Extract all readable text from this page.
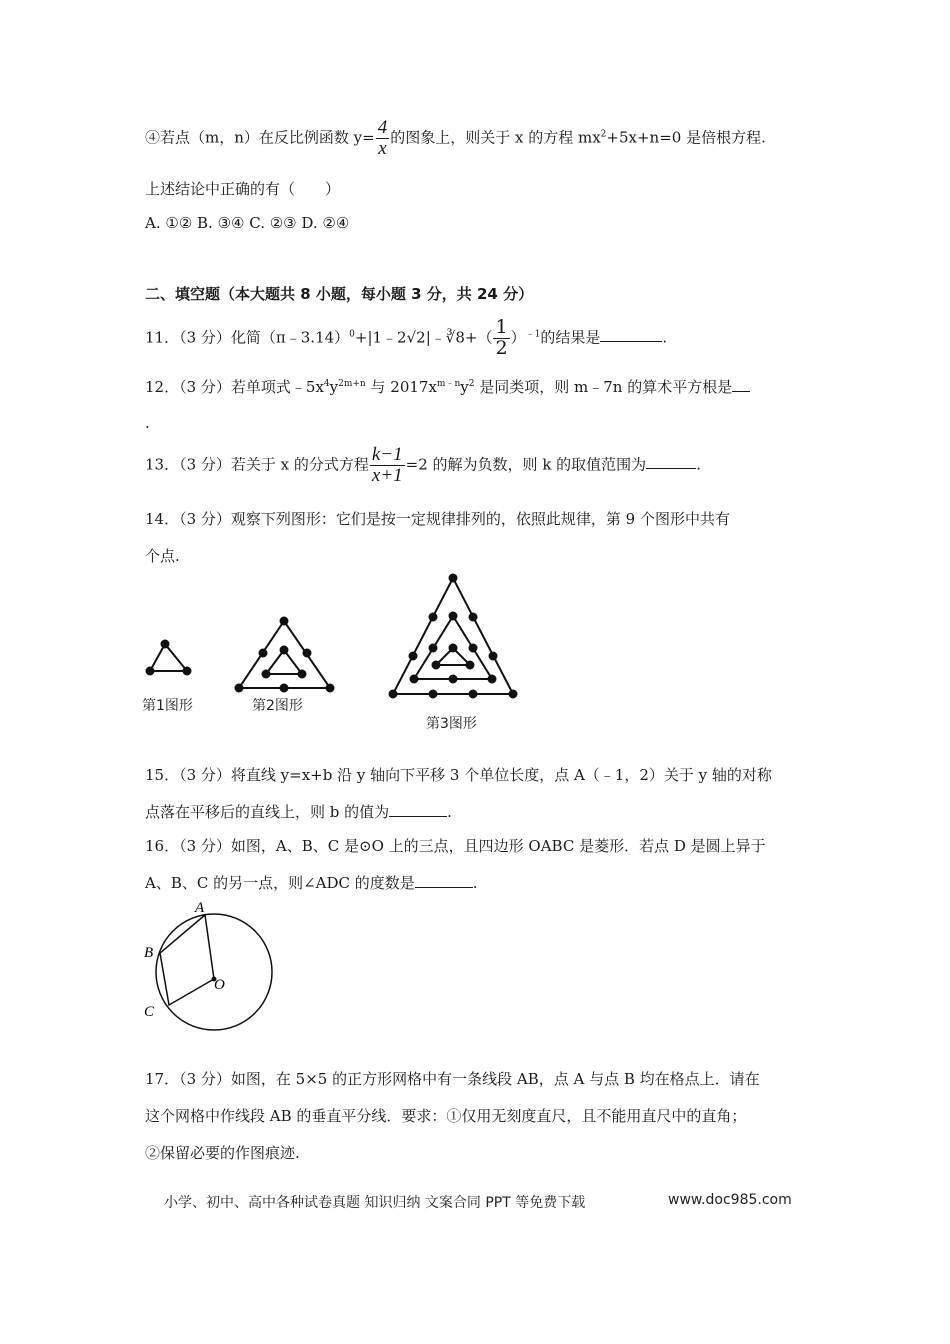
④若点（m，n）在反比例函数 $y= \frac{4}{x}$ 的图象上，则关于 x 的方程 $mx^2+5x+n=0$ 是倍根方程.
上述结论中正确的有（　　）
A. ①② B. ③④ C. ②③ D. ②④
二、填空题（本大题共 8 小题，每小题 3 分，共 24 分）
11．（3 分）化简（π﹣3.14）$^0$+|1﹣2√2|﹣∛8+（ $\frac{1}{2} )^{﹣1}$的结果是	.
12．（3 分）若单项式$﹣5x^4y^{2m+n}$ 与 $2017x^{m﹣n}y^2$ 是同类项，则 m﹣7n 的算术平方根是
.
13．（3 分）若关于 x 的分式方程 $\frac{k-1}{x+1} =2$ 的解为负数，则 k 的取值范围为	.
14．（3 分）观察下列图形：它们是按一定规律排列的，依照此规律，第 9 个图形中共有
个点.
第1图形	第2图形
第3图形
15．（3 分）将直线 y=x+b 沿 y 轴向下平移 3 个单位长度，点 A（﹣1，2）关于 y 轴的对称
点落在平移后的直线上，则 b 的值为	.
16．（3 分）如图，A、B、C 是⊙O 上的三点，且四边形 OABC 是菱形．若点 D 是圆上异于
A、B、C 的另一点，则∠ADC 的度数是	.
A
B
O
C
17．（3 分）如图，在 5×5 的正方形网格中有一条线段 AB，点 A 与点 B 均在格点上．请在
这个网格中作线段 AB 的垂直平分线．要求：①仅用无刻度直尺，且不能用直尺中的直角；
②保留必要的作图痕迹.
小学、初中、高中各种试卷真题 知识归纳 文案合同 PPT 等免费下载	www.doc985.com
